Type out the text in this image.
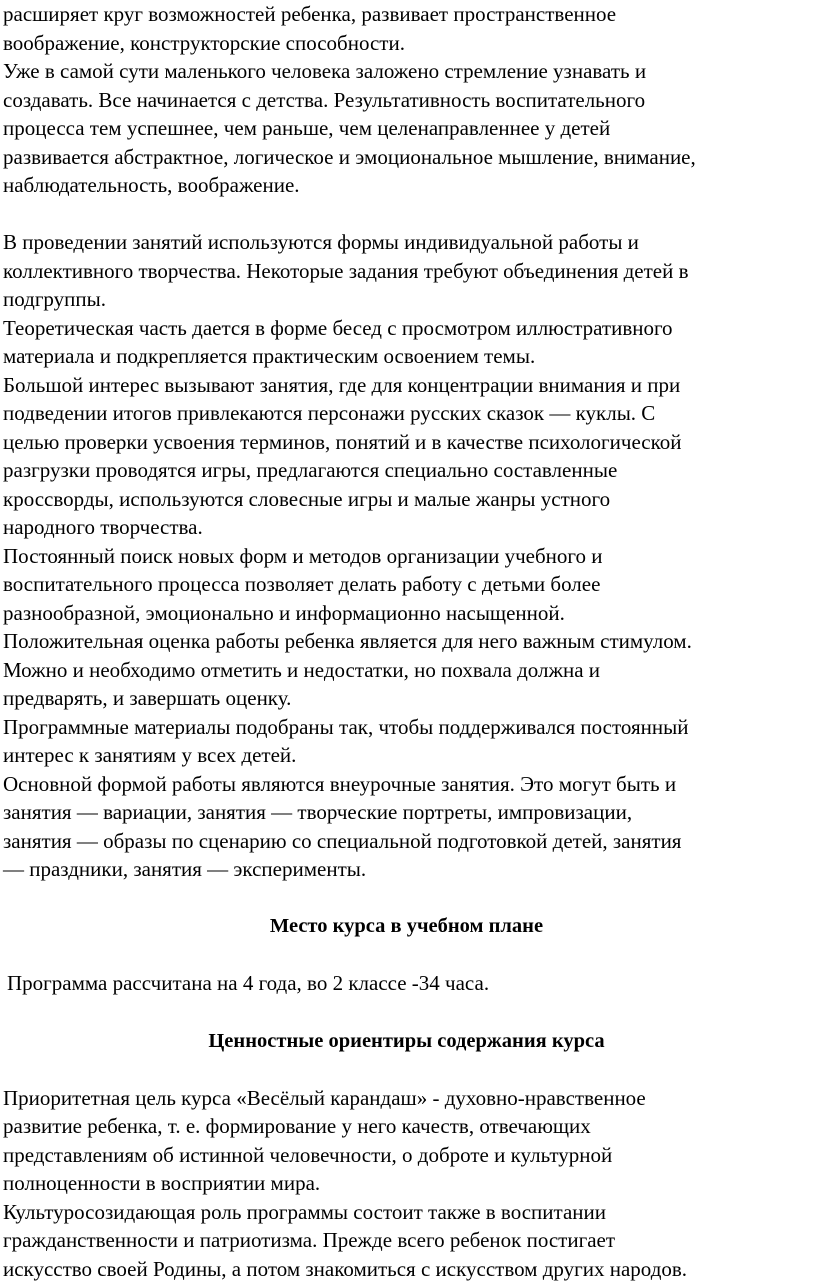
расширяет круг возможностей ребенка, развивает пространственное
воображение, конструкторские способности.

Уже в самой сути маленького человека заложено стремление узнавать и
создавать. Все начинается с детства. Результативность воспитательного
процесса тем успешнее, чем раньше, чем целенаправленнее у детей
развивается абстрактное, логическое и эмоциональное мышление, внимание,
наблюдательность, воображение.

В проведении занятий используются формы индивидуальной работы и
коллективного творчества. Некоторые задания требуют объединения детей в
подгруппы.

Теоретическая часть дается в форме бесед с просмотром иллюстративного
материала и подкрепляется практическим освоением темы.

Большой интерес вызывают занятия, где для концентрации внимания и при
подведении итогов привлекаются персонажи русских сказок — куклы. С
целью проверки усвоения терминов, понятий и в качестве психологической
разгрузки проводятся игры, предлагаются специально составленные
кроссворды, используются словесные игры и малые жанры устного
народного творчества.

Постоянный поиск новых форм и методов организации учебного и
воспитательного процесса позволяет делать работу с детьми более
разнообразной, эмоционально и информационно насыщенной.

Положительная оценка работы ребенка является для него важным стимулом.
Можно и необходимо отметить и недостатки, но похвала должна и
предварять, и завершать оценку.

Программные материалы подобраны так, чтобы поддерживался постоянный
интерес к занятиям у всех детей.

Основной формой работы являются внеурочные занятия. Это могут быть и
занятия — вариации, занятия — творческие портреты, импровизации,
занятия — образы по сценарию со специальной подготовкой детей, занятия
— праздники, занятия — эксперименты.

Место курса в учебном плане

Программа рассчитана на 4 года, во 2 классе -34 часа.

Ценностные ориентиры содержания курса

Приоритетная цель курса «Весёлый карандаш» - духовно-нравственное
развитие ребенка, т. е. формирование у него качеств, отвечающих
представлениям об истинной человечности, о доброте и культурной
полноценности в восприятии мира.

Культуросозидающая роль программы состоит также в воспитании
гражданственности и патриотизма. Прежде всего ребенок постигает
искусство своей Родины, а потом знакомиться с искусством других народов.
